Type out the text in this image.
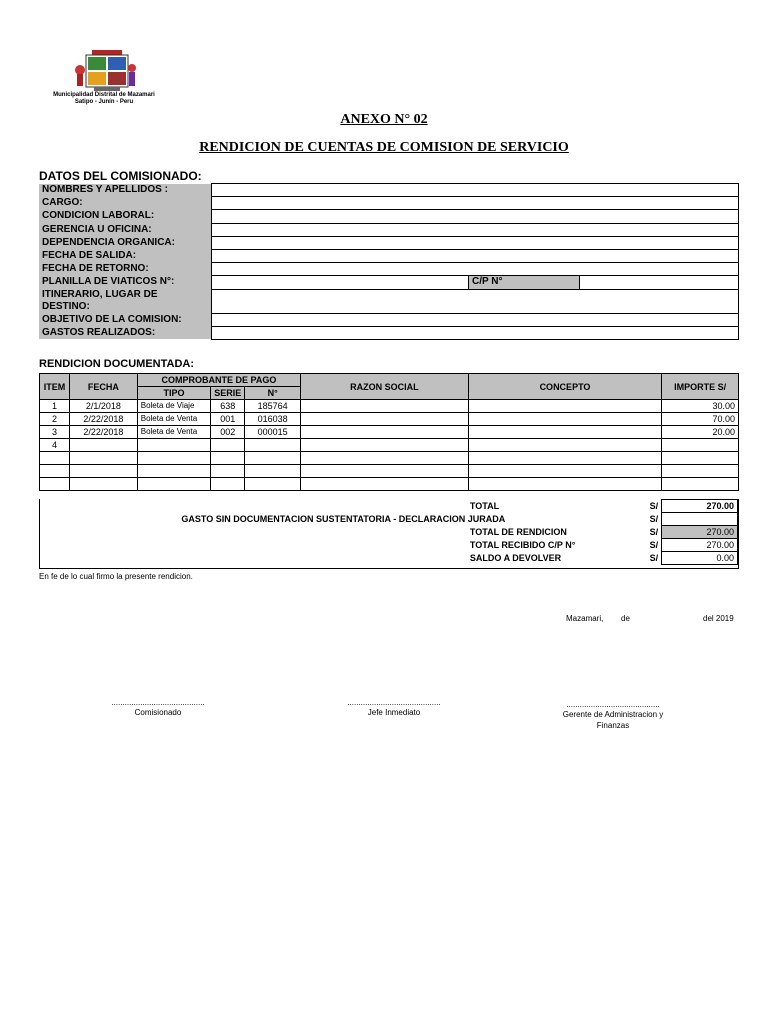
Municipalidad Distrital de Mazamari
Satipo - Junín - Peru
ANEXO N° 02
RENDICION DE CUENTAS DE COMISION DE SERVICIO
DATOS DEL COMISIONADO:
NOMBRES Y APELLIDOS :			
CARGO:			
CONDICION LABORAL:			
GERENCIA U OFICINA:			
DEPENDENCIA ORGANICA:			
FECHA DE SALIDA:			
FECHA DE RETORNO:			
PLANILLA DE VIATICOS N°:		C/P N°	
ITINERARIO, LUGAR DE DESTINO:			
OBJETIVO DE LA COMISION:			
GASTOS REALIZADOS:			
RENDICION DOCUMENTADA:
ITEM	FECHA	COMPROBANTE DE PAGO			RAZON SOCIAL	CONCEPTO	IMPORTE S/
		TIPO	SERIE	N°			
1	2/1/2018	Boleta de Viaje	638	185764			30.00
2	2/22/2018	Boleta de Venta	001	016038			70.00
3	2/22/2018	Boleta de Venta	002	000015			20.00
4							

	TOTAL	S/	270.00
GASTO SIN DOCUMENTACION SUSTENTATORIA - DECLARACION JURADA		S/	
	TOTAL DE RENDICION	S/	270.00
	TOTAL RECIBIDO C/P N°	S/	270.00
	SALDO A DEVOLVER	S/	0.00
En fe de lo cual firmo la presente rendicion.
Mazamari, de	del 2019
..........................................
Comisionado
..........................................
Jefe Inmediato
..........................................
Gerente de Administracion y Finanzas
